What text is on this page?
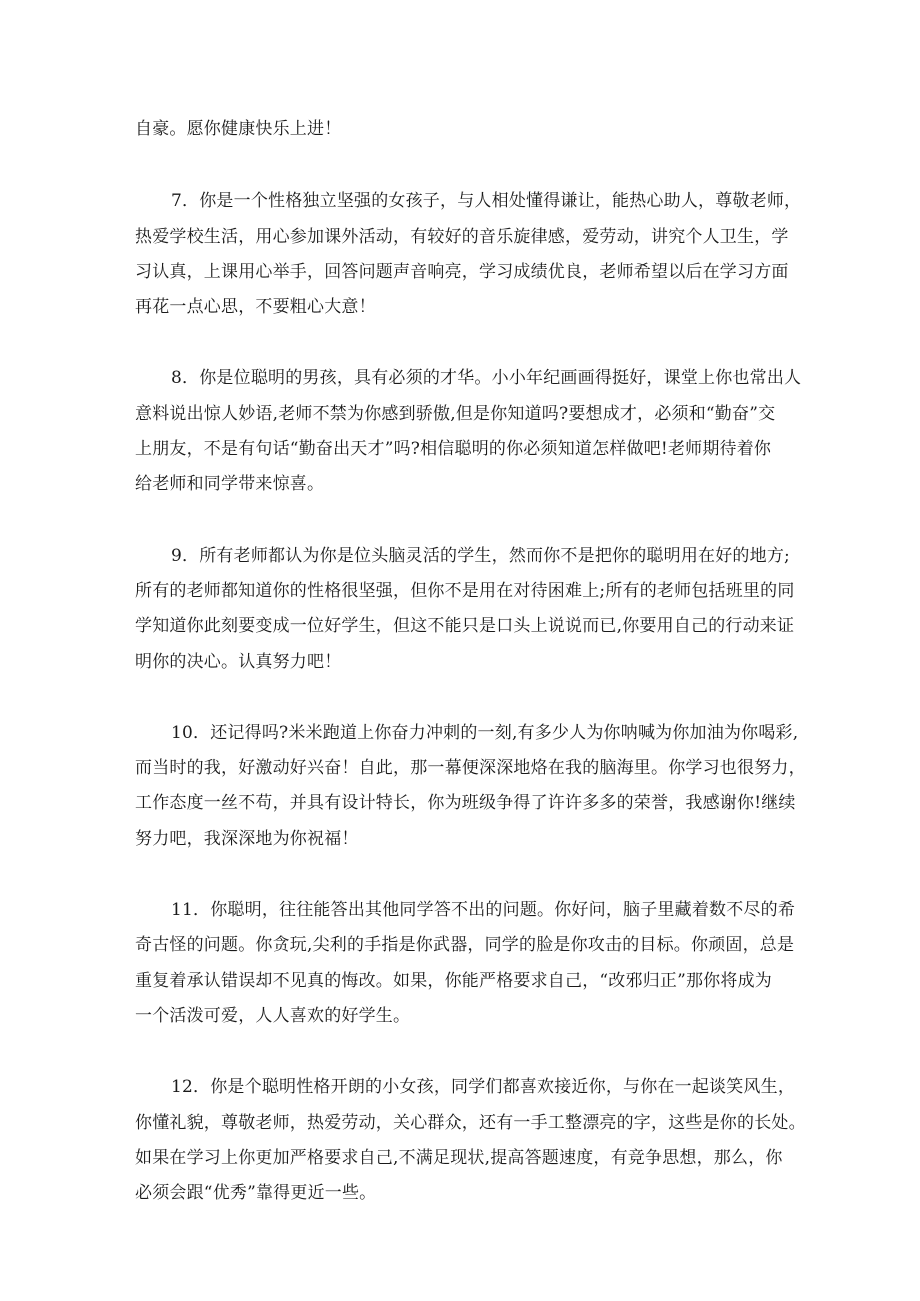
自豪。愿你健康快乐上进！

7．你是一个性格独立坚强的女孩子，与人相处懂得谦让，能热心助人，尊敬老师，
热爱学校生活，用心参加课外活动，有较好的音乐旋律感，爱劳动，讲究个人卫生，学
习认真，上课用心举手，回答问题声音响亮，学习成绩优良，老师希望以后在学习方面
再花一点心思，不要粗心大意！

8．你是位聪明的男孩，具有必须的才华。小小年纪画画得挺好，课堂上你也常出人
意料说出惊人妙语,老师不禁为你感到骄傲,但是你知道吗?要想成才，必须和“勤奋”交
上朋友，不是有句话“勤奋出天才”吗?相信聪明的你必须知道怎样做吧!老师期待着你
给老师和同学带来惊喜。

9．所有老师都认为你是位头脑灵活的学生，然而你不是把你的聪明用在好的地方;
所有的老师都知道你的性格很坚强，但你不是用在对待困难上;所有的老师包括班里的同
学知道你此刻要变成一位好学生，但这不能只是口头上说说而已,你要用自己的行动来证
明你的决心。认真努力吧！

10．还记得吗?米米跑道上你奋力冲刺的一刻,有多少人为你呐喊为你加油为你喝彩,
而当时的我，好激动好兴奋！自此，那一幕便深深地烙在我的脑海里。你学习也很努力，
工作态度一丝不苟，并具有设计特长，你为班级争得了许许多多的荣誉，我感谢你!继续
努力吧，我深深地为你祝福！

11．你聪明，往往能答出其他同学答不出的问题。你好问，脑子里藏着数不尽的希
奇古怪的问题。你贪玩,尖利的手指是你武器，同学的脸是你攻击的目标。你顽固，总是
重复着承认错误却不见真的悔改。如果，你能严格要求自己，“改邪归正”那你将成为
一个活泼可爱，人人喜欢的好学生。

12．你是个聪明性格开朗的小女孩，同学们都喜欢接近你，与你在一起谈笑风生，
你懂礼貌，尊敬老师，热爱劳动，关心群众，还有一手工整漂亮的字，这些是你的长处。
如果在学习上你更加严格要求自己,不满足现状,提高答题速度，有竞争思想，那么，你
必须会跟“优秀”靠得更近一些。
